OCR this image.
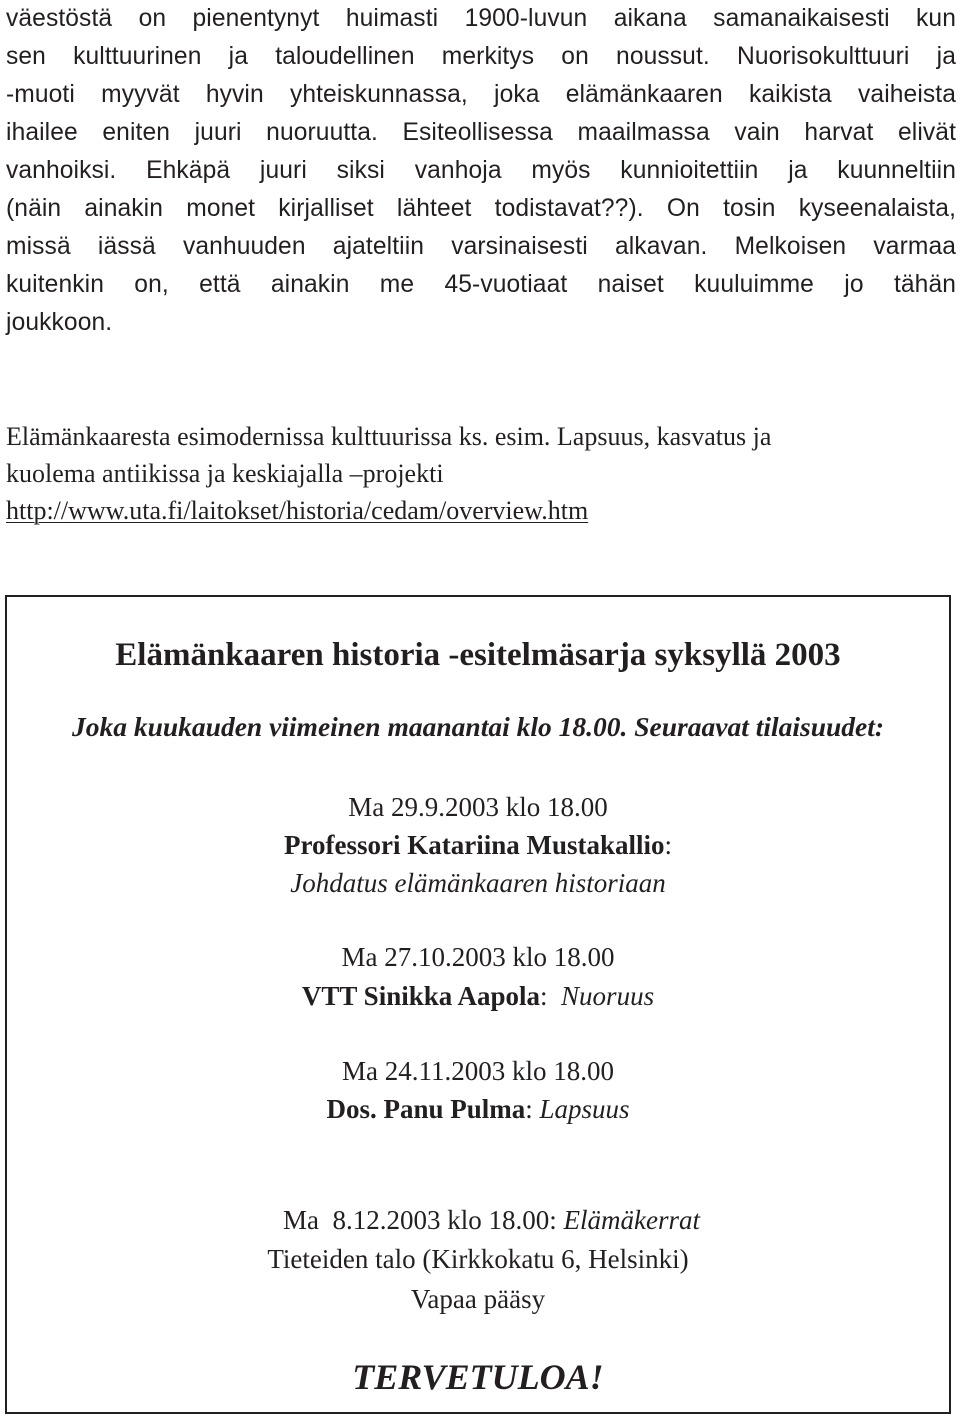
väestöstä on pienentynyt huimasti 1900-luvun aikana samanaikaisesti kun
sen kulttuurinen ja taloudellinen merkitys on noussut. Nuorisokulttuuri ja
-muoti myyvät hyvin yhteiskunnassa, joka elämänkaaren kaikista vaiheista
ihailee eniten juuri nuoruutta. Esiteollisessa maailmassa vain harvat elivät
vanhoiksi. Ehkäpä juuri siksi vanhoja myös kunnioitettiin ja kuunneltiin
(näin ainakin monet kirjalliset lähteet todistavat??). On tosin kyseenalaista,
missä iässä vanhuuden ajateltiin varsinaisesti alkavan. Melkoisen varmaa
kuitenkin on, että ainakin me 45-vuotiaat naiset kuuluimme jo tähän
joukkoon.
Elämänkaaresta esimodernissa kulttuurissa ks. esim. Lapsuus, kasvatus ja
kuolema antiikissa ja keskiajalla –projekti
http://www.uta.fi/laitokset/historia/cedam/overview.htm
Elämänkaaren historia -esitelmäsarja syksyllä 2003
Joka kuukauden viimeinen maanantai klo 18.00. Seuraavat tilaisuudet:
Ma 29.9.2003 klo 18.00
Professori Katariina Mustakallio:
Johdatus elämänkaaren historiaan
Ma 27.10.2003 klo 18.00
VTT Sinikka Aapola: Nuoruus
Ma 24.11.2003 klo 18.00
Dos. Panu Pulma: Lapsuus

Ma  8.12.2003 klo 18.00: Elämäkerrat

Tieteiden talo (Kirkkokatu 6, Helsinki)
Vapaa pääsy
TERVETULOA!
